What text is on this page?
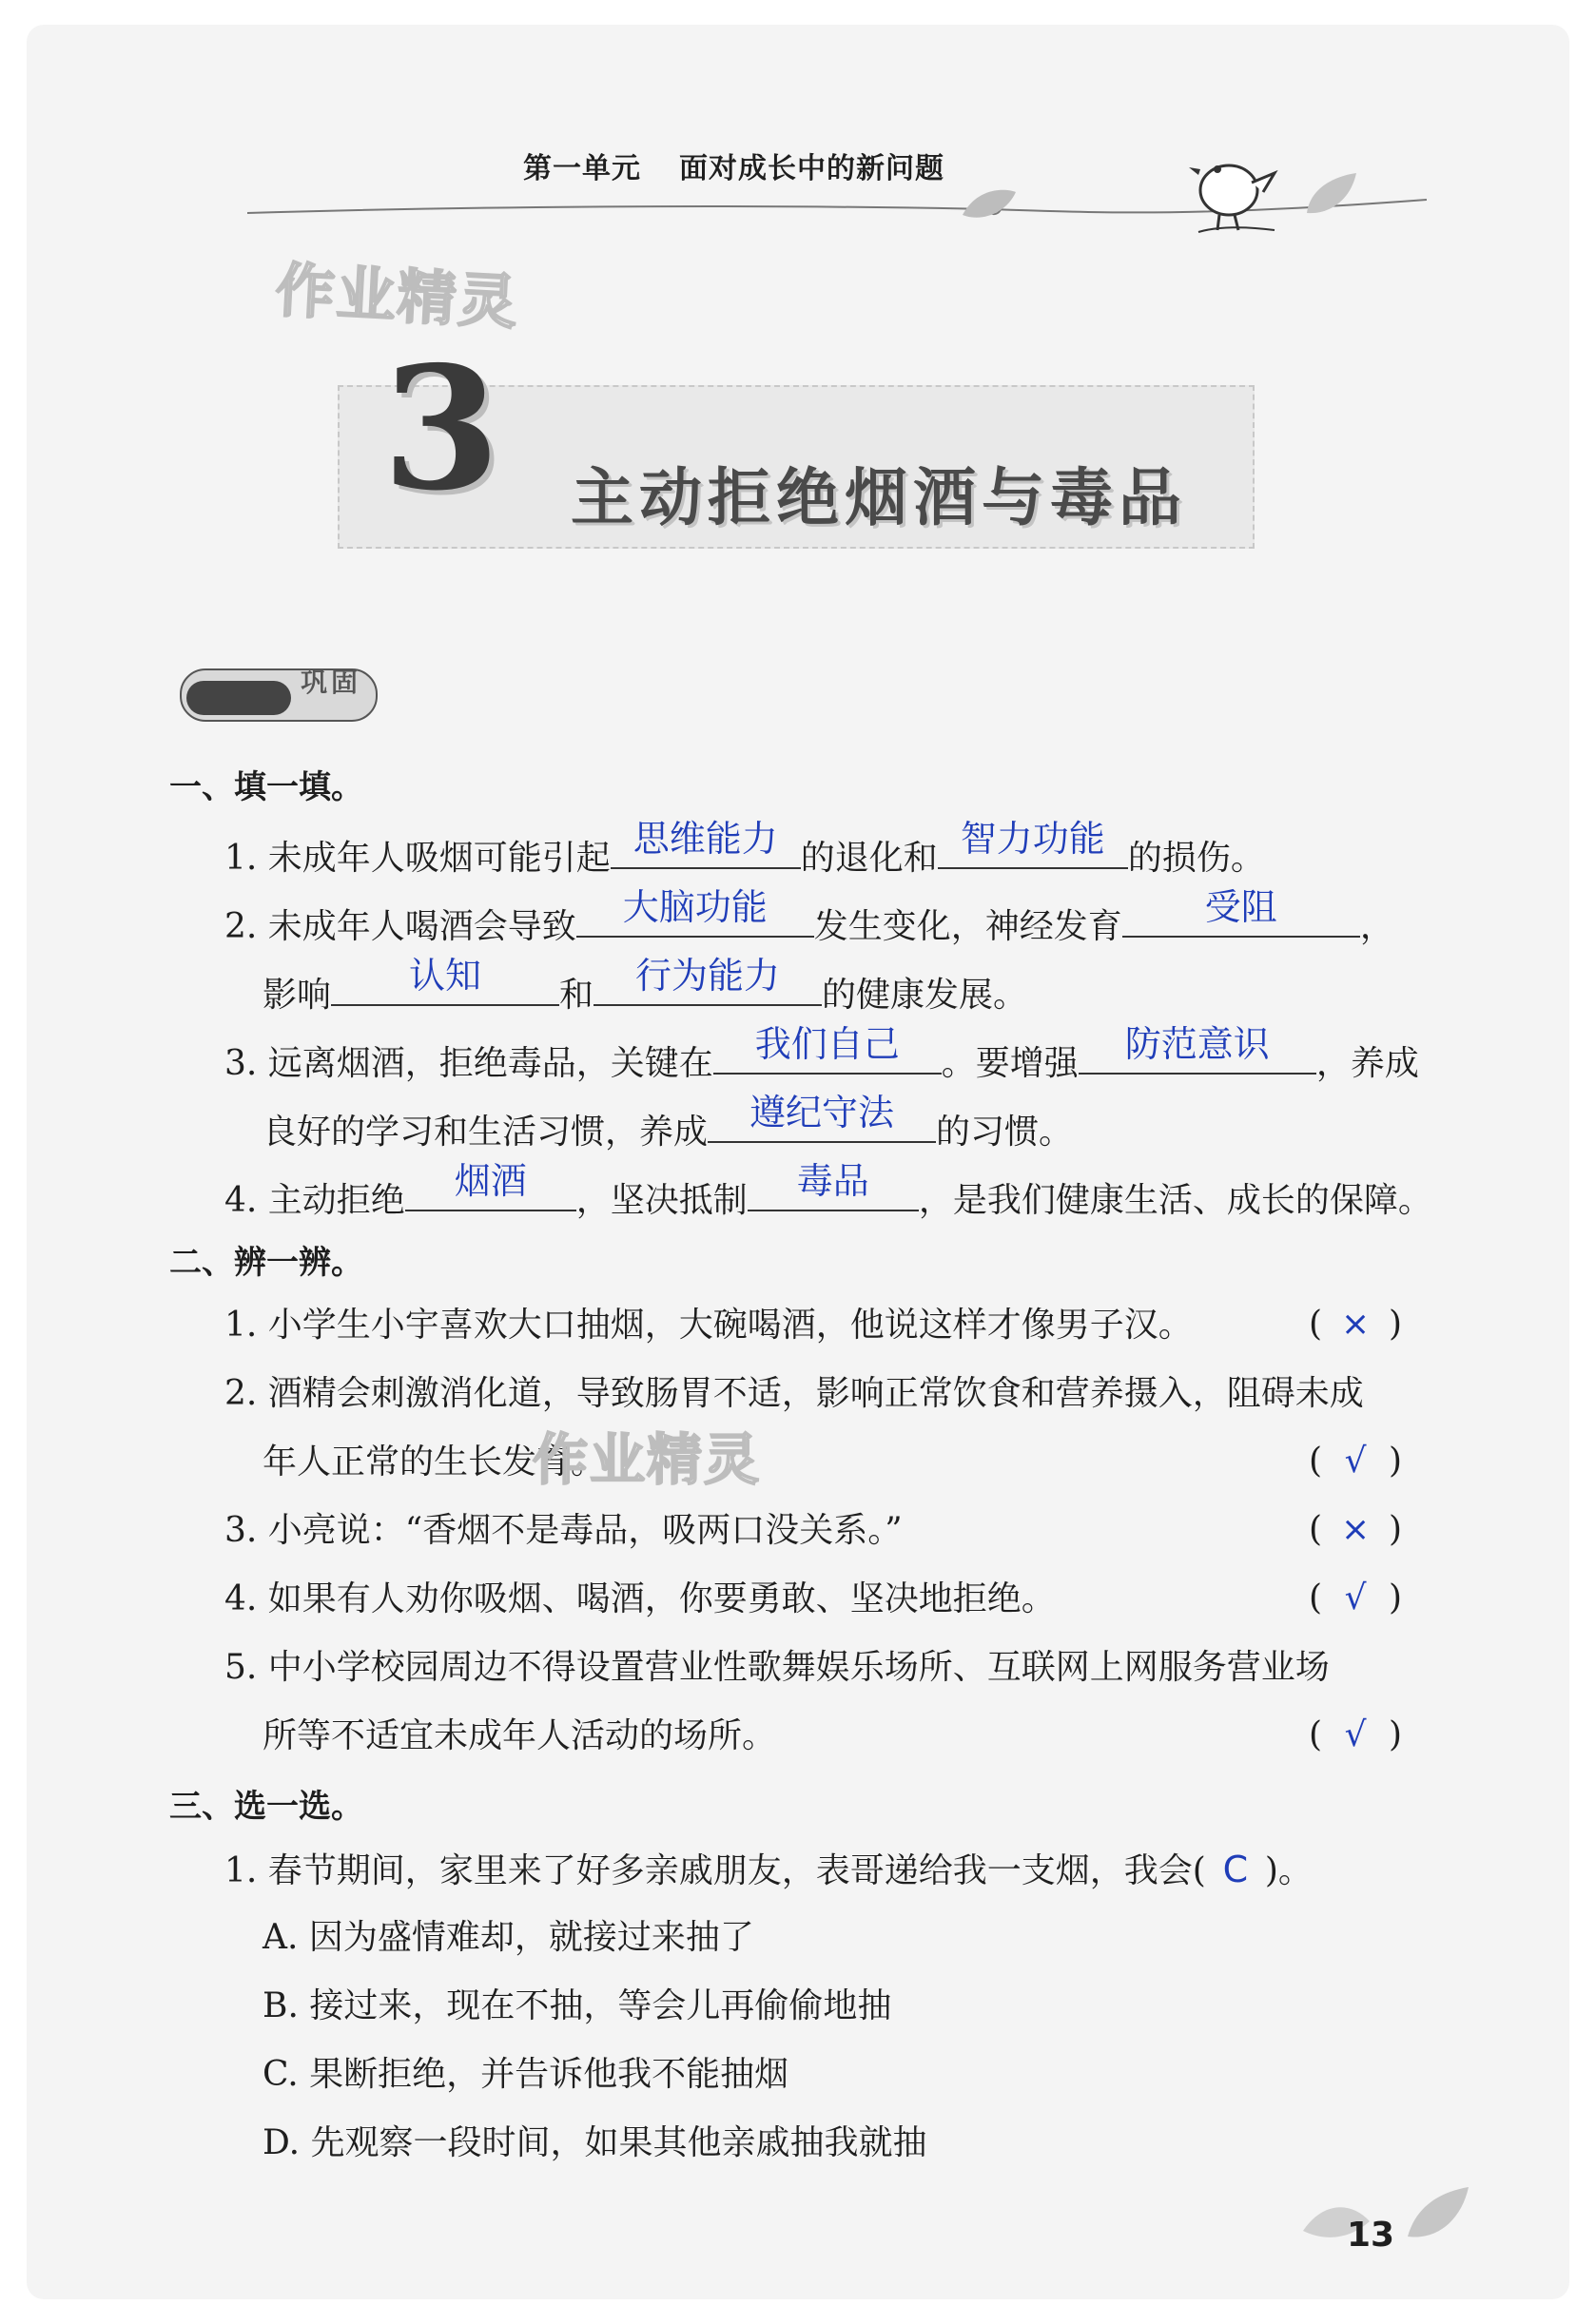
第一单元 面对成长中的新问题
作业精灵
3 主动拒绝烟酒与毒品
巩固
一、填一填。
1. 未成年人吸烟可能引起 思维能力 的退化和 智力功能 的损伤。
2. 未成年人喝酒会导致	大脑功能	发生变化，神经发育	受阻	，
影响	认知	和	行为能力	的健康发展。
3. 远离烟酒，拒绝毒品，关键在	我们自己	。要增强	防范意识	，养成
良好的学习和生活习惯，养成	遵纪守法	的习惯。
4. 主动拒绝	烟酒	，坚决抵制	毒品	，是我们健康生活、成长的保障。
二、辨一辨。
1. 小学生小宇喜欢大口抽烟，大碗喝酒，他说这样才像男子汉。	( × )
2. 酒精会刺激消化道，导致肠胃不适，影响正常饮食和营养摄入，阻碍未成
年人正常的生长发育。	( √ )
作业精灵
3. 小亮说：“香烟不是毒品，吸两口没关系。”	( × )
4. 如果有人劝你吸烟、喝酒，你要勇敢、坚决地拒绝。	( √ )
5. 中小学校园周边不得设置营业性歌舞娱乐场所、互联网上网服务营业场
所等不适宜未成年人活动的场所。	( √ )
三、选一选。
1. 春节期间，家里来了好多亲戚朋友，表哥递给我一支烟，我会( C )。
A. 因为盛情难却，就接过来抽了
B. 接过来，现在不抽，等会儿再偷偷地抽
C. 果断拒绝，并告诉他我不能抽烟
D. 先观察一段时间，如果其他亲戚抽我就抽
13
